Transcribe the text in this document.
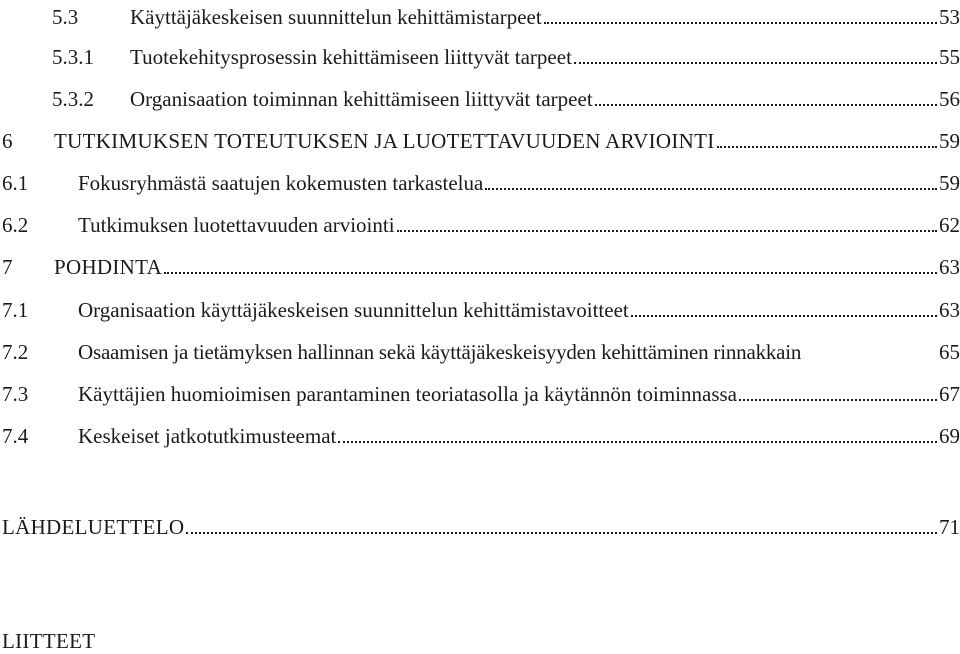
5.3	Käyttäjäkeskeisen suunnittelun kehittämistarpeet	53
5.3.1	Tuotekehitysprosessin kehittämiseen liittyvät tarpeet	55
5.3.2	Organisaation toiminnan kehittämiseen liittyvät tarpeet	56
6	TUTKIMUKSEN TOTEUTUKSEN JA LUOTETTAVUUDEN ARVIOINTI	59
6.1	Fokusryhmästä saatujen kokemusten tarkastelua	59
6.2	Tutkimuksen luotettavuuden arviointi	62
7	POHDINTA	63
7.1	Organisaation käyttäjäkeskeisen suunnittelun kehittämistavoitteet	63
7.2	Osaamisen ja tietämyksen hallinnan sekä käyttäjäkeskeisyyden kehittäminen rinnakkain	65
7.3	Käyttäjien huomioimisen parantaminen teoriatasolla ja käytännön toiminnassa	67
7.4	Keskeiset jatkotutkimusteemat	69
LÄHDELUETTELO	71
LIITTEET
